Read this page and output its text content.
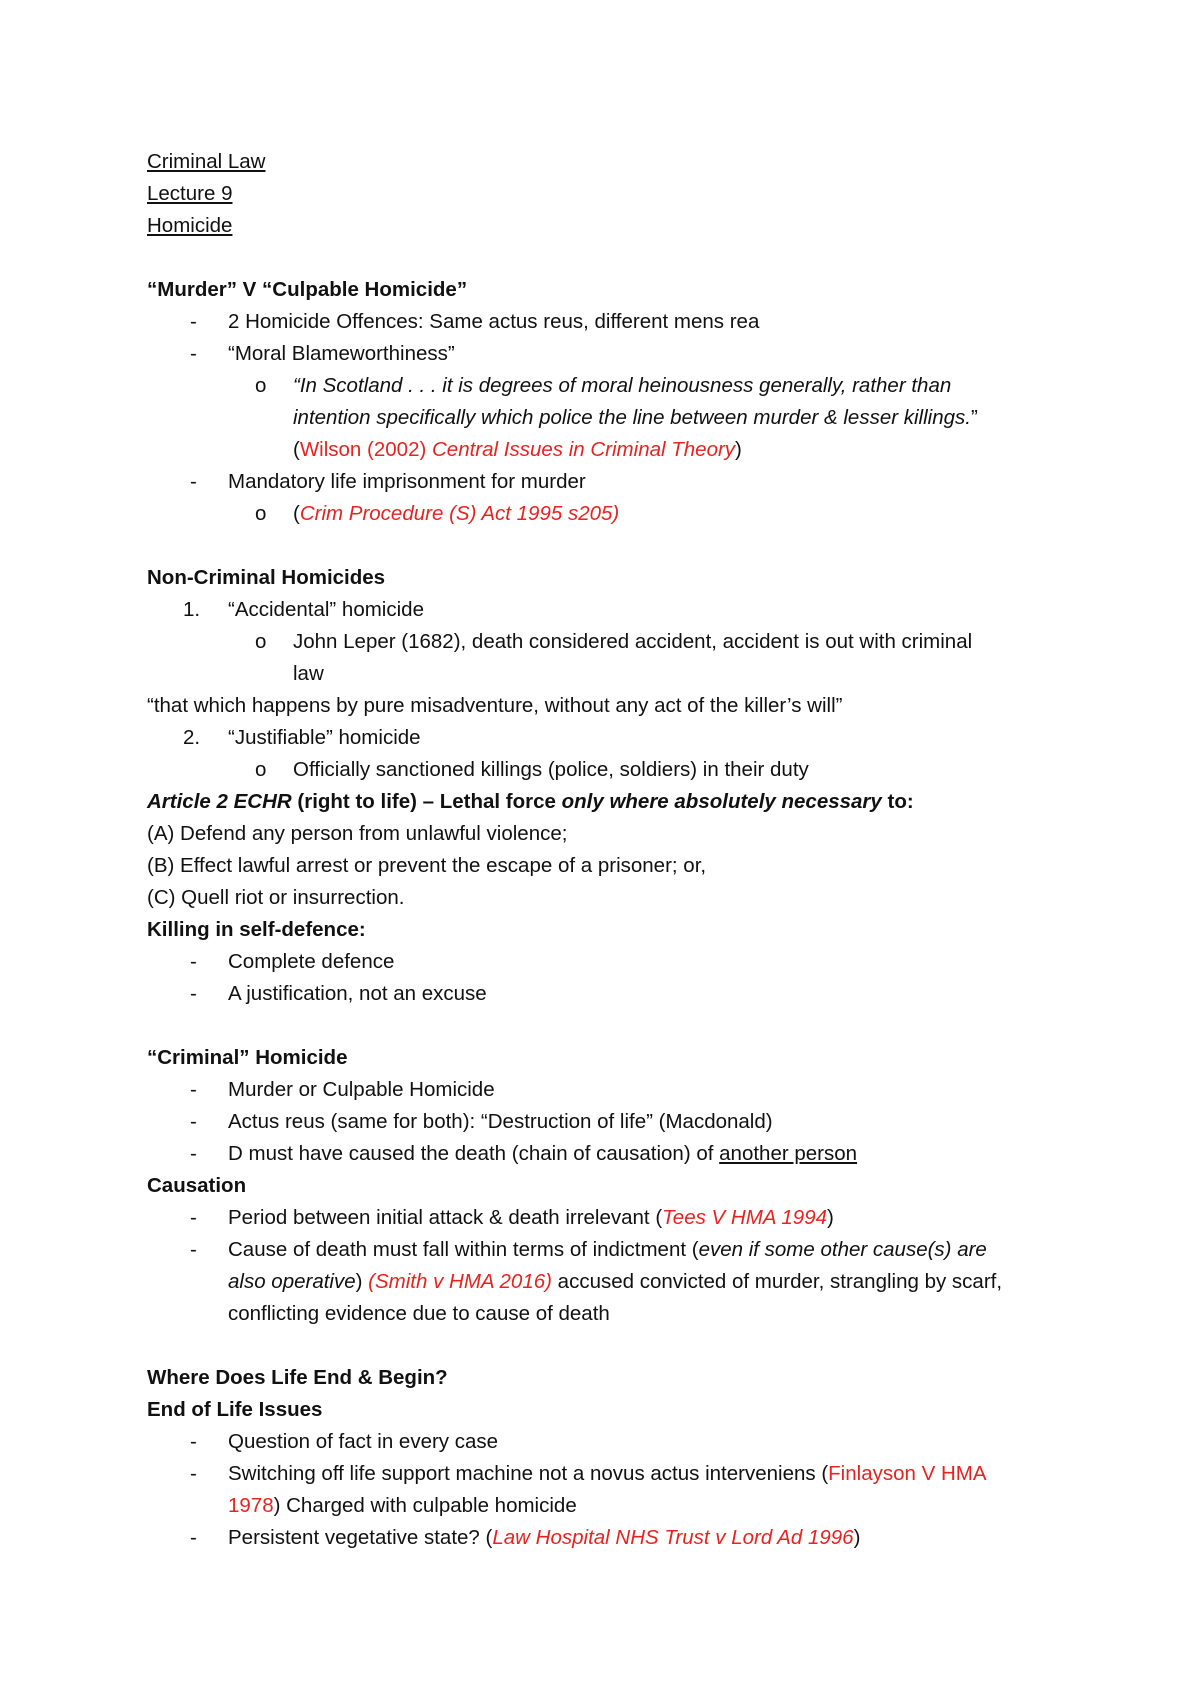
Criminal Law
Lecture 9
Homicide
“Murder” V “Culpable Homicide”
- 2 Homicide Offences: Same actus reus, different mens rea
- “Moral Blameworthiness”
o “In Scotland . . . it is degrees of moral heinousness generally, rather than
intention specifically which police the line between murder & lesser killings.”
(Wilson (2002) Central Issues in Criminal Theory)
- Mandatory life imprisonment for murder
o (Crim Procedure (S) Act 1995 s205)
Non-Criminal Homicides
1. “Accidental” homicide
o John Leper (1682), death considered accident, accident is out with criminal
law
“that which happens by pure misadventure, without any act of the killer’s will”
2. “Justifiable” homicide
o Officially sanctioned killings (police, soldiers) in their duty
Article 2 ECHR (right to life) – Lethal force only where absolutely necessary to:
(A) Defend any person from unlawful violence;
(B) Effect lawful arrest or prevent the escape of a prisoner; or,
(C) Quell riot or insurrection.
Killing in self-defence:
- Complete defence
- A justification, not an excuse
“Criminal” Homicide
- Murder or Culpable Homicide
- Actus reus (same for both): “Destruction of life” (Macdonald)
- D must have caused the death (chain of causation) of another person
Causation
- Period between initial attack & death irrelevant (Tees V HMA 1994)
- Cause of death must fall within terms of indictment (even if some other cause(s) are
also operative) (Smith v HMA 2016) accused convicted of murder, strangling by scarf,
conflicting evidence due to cause of death
Where Does Life End & Begin?
End of Life Issues
- Question of fact in every case
- Switching off life support machine not a novus actus interveniens (Finlayson V HMA
1978) Charged with culpable homicide
- Persistent vegetative state? (Law Hospital NHS Trust v Lord Ad 1996)
